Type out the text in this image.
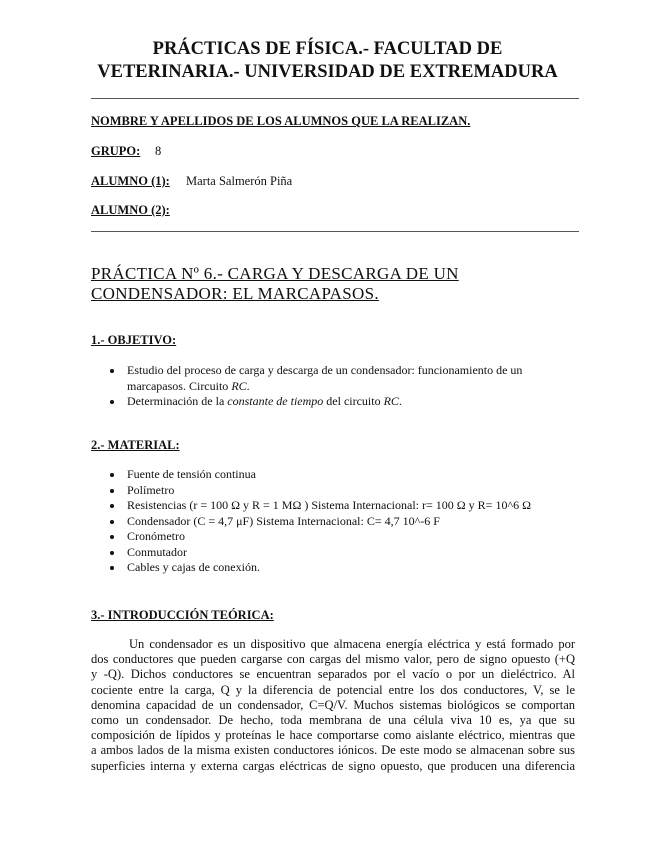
PRÁCTICAS DE FÍSICA.- FACULTAD DE
VETERINARIA.- UNIVERSIDAD DE EXTREMADURA

NOMBRE Y APELLIDOS DE LOS ALUMNOS QUE LA REALIZAN.

GRUPO: 8

ALUMNO (1): Marta Salmerón Piña

ALUMNO (2):

PRÁCTICA Nº 6.- CARGA Y DESCARGA DE UN
CONDENSADOR: EL MARCAPASOS.

1.- OBJETIVO:

Estudio del proceso de carga y descarga de un condensador: funcionamiento de un
marcapasos. Circuito RC.
Determinación de la constante de tiempo del circuito RC.

2.- MATERIAL:

Fuente de tensión continua
Polímetro
Resistencias (r = 100 Ω y R = 1 MΩ ) Sistema Internacional: r= 100 Ω y R= 10^6 Ω
Condensador (C = 4,7 μF) Sistema Internacional: C= 4,7 10^-6 F
Cronómetro
Conmutador
Cables y cajas de conexión.

3.- INTRODUCCIÓN TEÓRICA:

Un condensador es un dispositivo que almacena energía eléctrica y está formado por
dos conductores que pueden cargarse con cargas del mismo valor, pero de signo opuesto (+Q
y -Q). Dichos conductores se encuentran separados por el vacío o por un dieléctrico. Al
cociente entre la carga, Q y la diferencia de potencial entre los dos conductores, V, se le
denomina capacidad de un condensador, C=Q/V. Muchos sistemas biológicos se comportan
como un condensador. De hecho, toda membrana de una célula viva 10 es, ya que su
composición de lípidos y proteínas le hace comportarse como aislante eléctrico, mientras que
a ambos lados de la misma existen conductores iónicos. De este modo se almacenan sobre sus
superficies interna y externa cargas eléctricas de signo opuesto, que producen una diferencia
